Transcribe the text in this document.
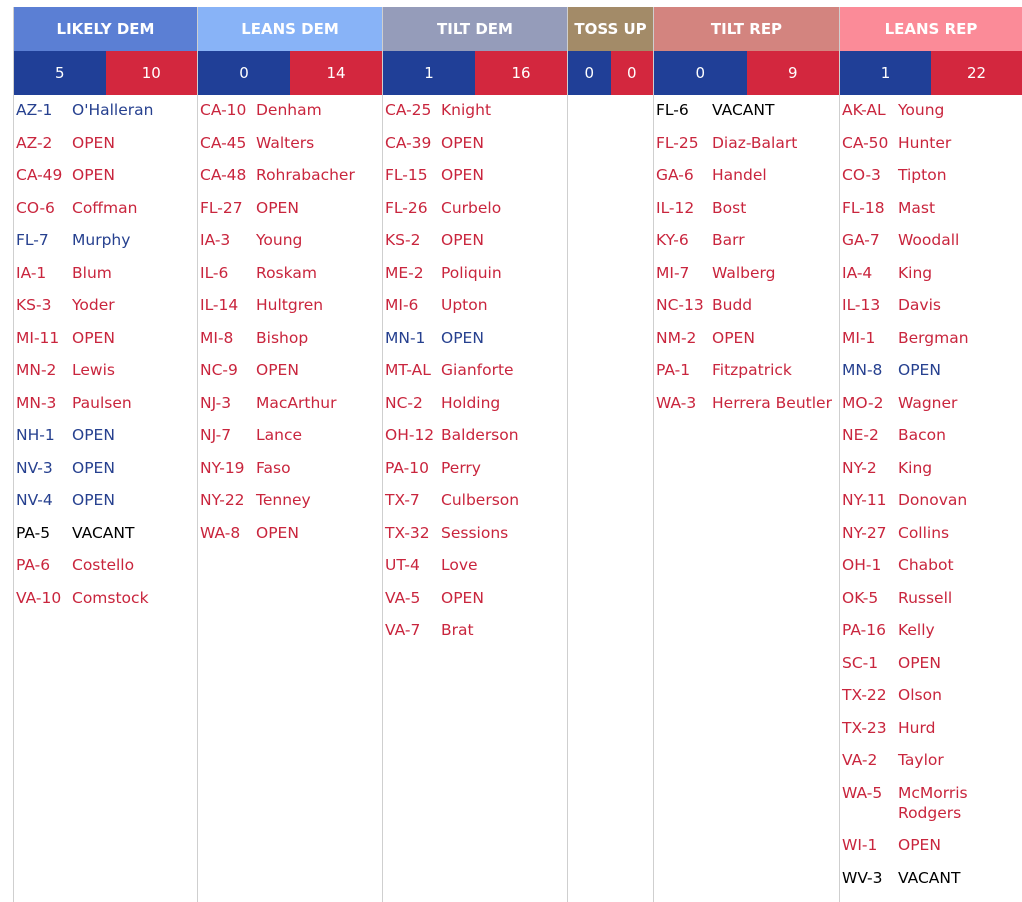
LIKELY DEM
5	10
AZ-1	O'Halleran
AZ-2	OPEN
CA-49 OPEN
CO-6	Coffman
FL-7	Murphy
IA-1	Blum
KS-3	Yoder
MI-11 OPEN
MN-2	Lewis
MN-3	Paulsen
NH-1	OPEN
NV-3	OPEN
NV-4	OPEN
PA-5	VACANT
PA-6	Costello
VA-10 Comstock
LEANS DEM
0	14
CA-10 Denham
CA-45 Walters
CA-48 Rohrabacher
FL-27 OPEN
IA-3	Young
IL-6	Roskam
IL-14	Hultgren
MI-8	Bishop
NC-9	OPEN
NJ-3	MacArthur
NJ-7	Lance
NY-19 Faso
NY-22 Tenney
WA-8	OPEN
TILT DEM
1	16
CA-25 Knight
CA-39 OPEN
FL-15 OPEN
FL-26 Curbelo
KS-2	OPEN
ME-2	Poliquin
MI-6	Upton
MN-1	OPEN
MT-AL Gianforte
NC-2	Holding
OH-12 Balderson
PA-10 Perry
TX-7	Culberson
TX-32 Sessions
UT-4	Love
VA-5	OPEN
VA-7	Brat
TOSS UP
0	0
TILT REP
0	9
FL-6	VACANT
FL-25 Diaz-Balart
GA-6	Handel
IL-12	Bost
KY-6	Barr
MI-7	Walberg
NC-13 Budd
NM-2	OPEN
PA-1	Fitzpatrick
WA-3	Herrera Beutler
LEANS REP
1	22
AK-AL Young
CA-50 Hunter
CO-3	Tipton
FL-18 Mast
GA-7	Woodall
IA-4	King
IL-13	Davis
MI-1	Bergman
MN-8	OPEN
MO-2 Wagner
NE-2	Bacon
NY-2	King
NY-11 Donovan
NY-27 Collins
OH-1	Chabot
OK-5	Russell
PA-16 Kelly
SC-1	OPEN
TX-22 Olson
TX-23 Hurd
VA-2	Taylor
WA-5	McMorris Rodgers
WI-1	OPEN
WV-3	VACANT
